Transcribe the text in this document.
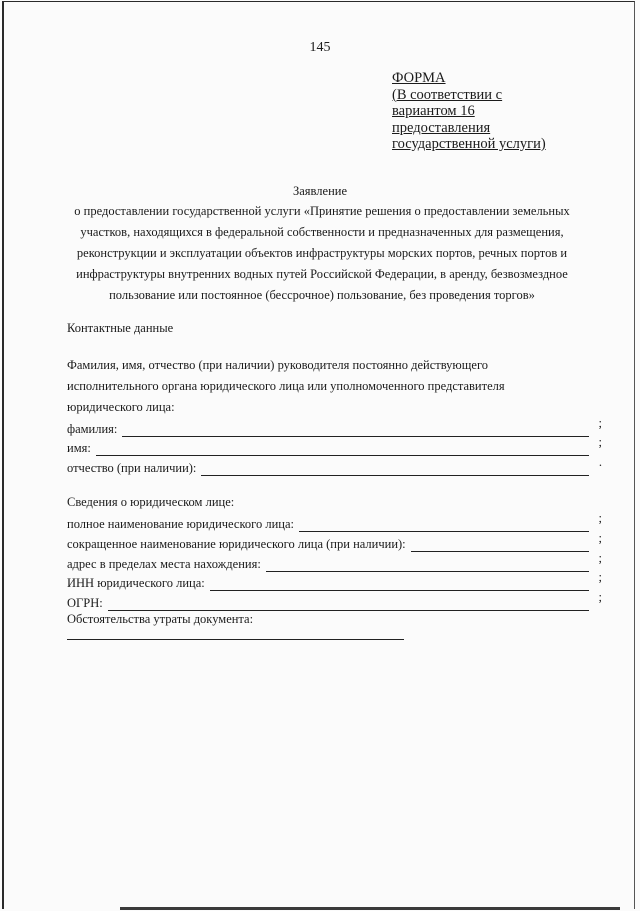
145
ФОРМА
(В соответствии с
вариантом 16
предоставления
государственной услуги)
Заявление
о предоставлении государственной услуги «Принятие решения о предоставлении земельных
участков, находящихся в федеральной собственности и предназначенных для размещения,
реконструкции и эксплуатации объектов инфраструктуры морских портов, речных портов и
инфраструктуры внутренних водных путей Российской Федерации, в аренду, безвозмездное
пользование или постоянное (бессрочное) пользование, без проведения торгов»
Контактные данные
Фамилия, имя, отчество (при наличии) руководителя постоянно действующего
исполнительного органа юридического лица или уполномоченного представителя
юридического лица:
фамилия:	;
имя:	;
отчество (при наличии):	.
Сведения о юридическом лице:
полное наименование юридического лица:	;
сокращенное наименование юридического лица (при наличии):	;
адрес в пределах места нахождения:	;
ИНН юридического лица:	;
ОГРН:	;
Обстоятельства утраты документа:
